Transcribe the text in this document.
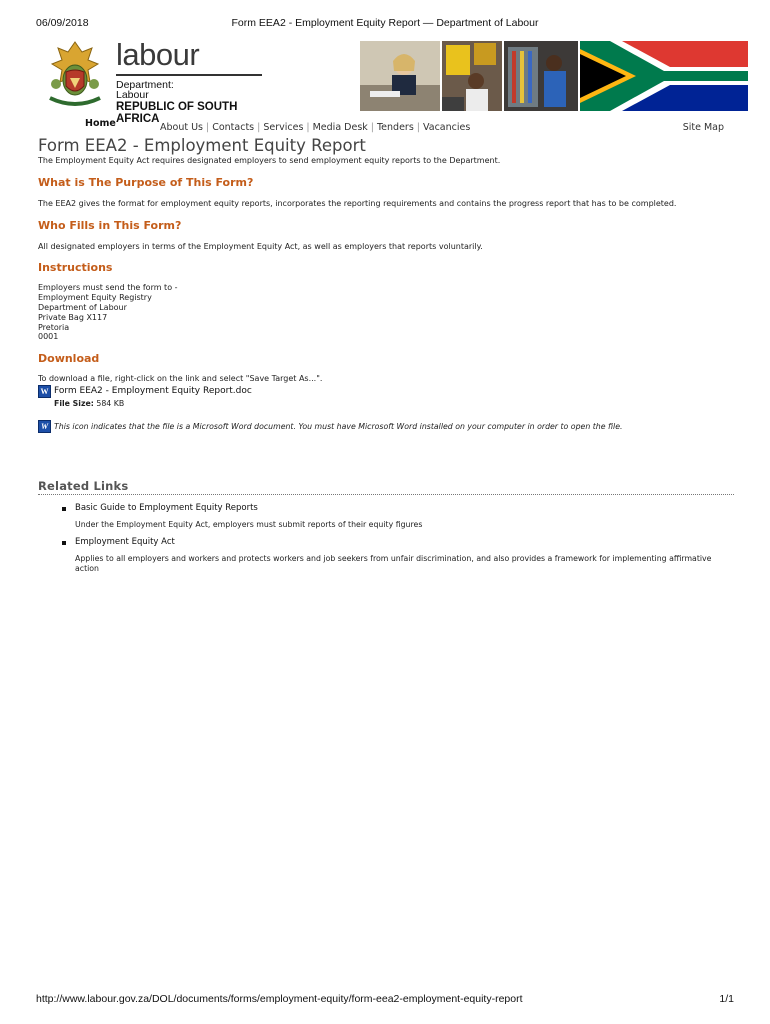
06/09/2018	Form EEA2 - Employment Equity Report — Department of Labour
labour
Department:
Labour
REPUBLIC OF SOUTH AFRICA
Home	About Us | Contacts | Services | Media Desk | Tenders | Vacancies	Site Map
Form EEA2 - Employment Equity Report

The Employment Equity Act requires designated employers to send employment equity reports to the Department.

What is The Purpose of This Form?

The EEA2 gives the format for employment equity reports, incorporates the reporting requirements and contains the progress report that has to be completed.

Who Fills in This Form?

All designated employers in terms of the Employment Equity Act, as well as employers that reports voluntarily.

Instructions

Employers must send the form to -

Employment Equity Registry

Department of Labour

Private Bag X117

Pretoria

0001

Download

To download a file, right-click on the link and select "Save Target As...".

W Form EEA2 - Employment Equity Report.doc
File Size: 584 KB
W This icon indicates that the file is a Microsoft Word document. You must have Microsoft Word installed on your computer in order to open the file.
Related Links
Basic Guide to Employment Equity Reports
Under the Employment Equity Act, employers must submit reports of their equity figures
Employment Equity Act
Applies to all employers and workers and protects workers and job seekers from unfair discrimination, and also provides a framework for implementing affirmative action
http://www.labour.gov.za/DOL/documents/forms/employment-equity/form-eea2-employment-equity-report	1/1
